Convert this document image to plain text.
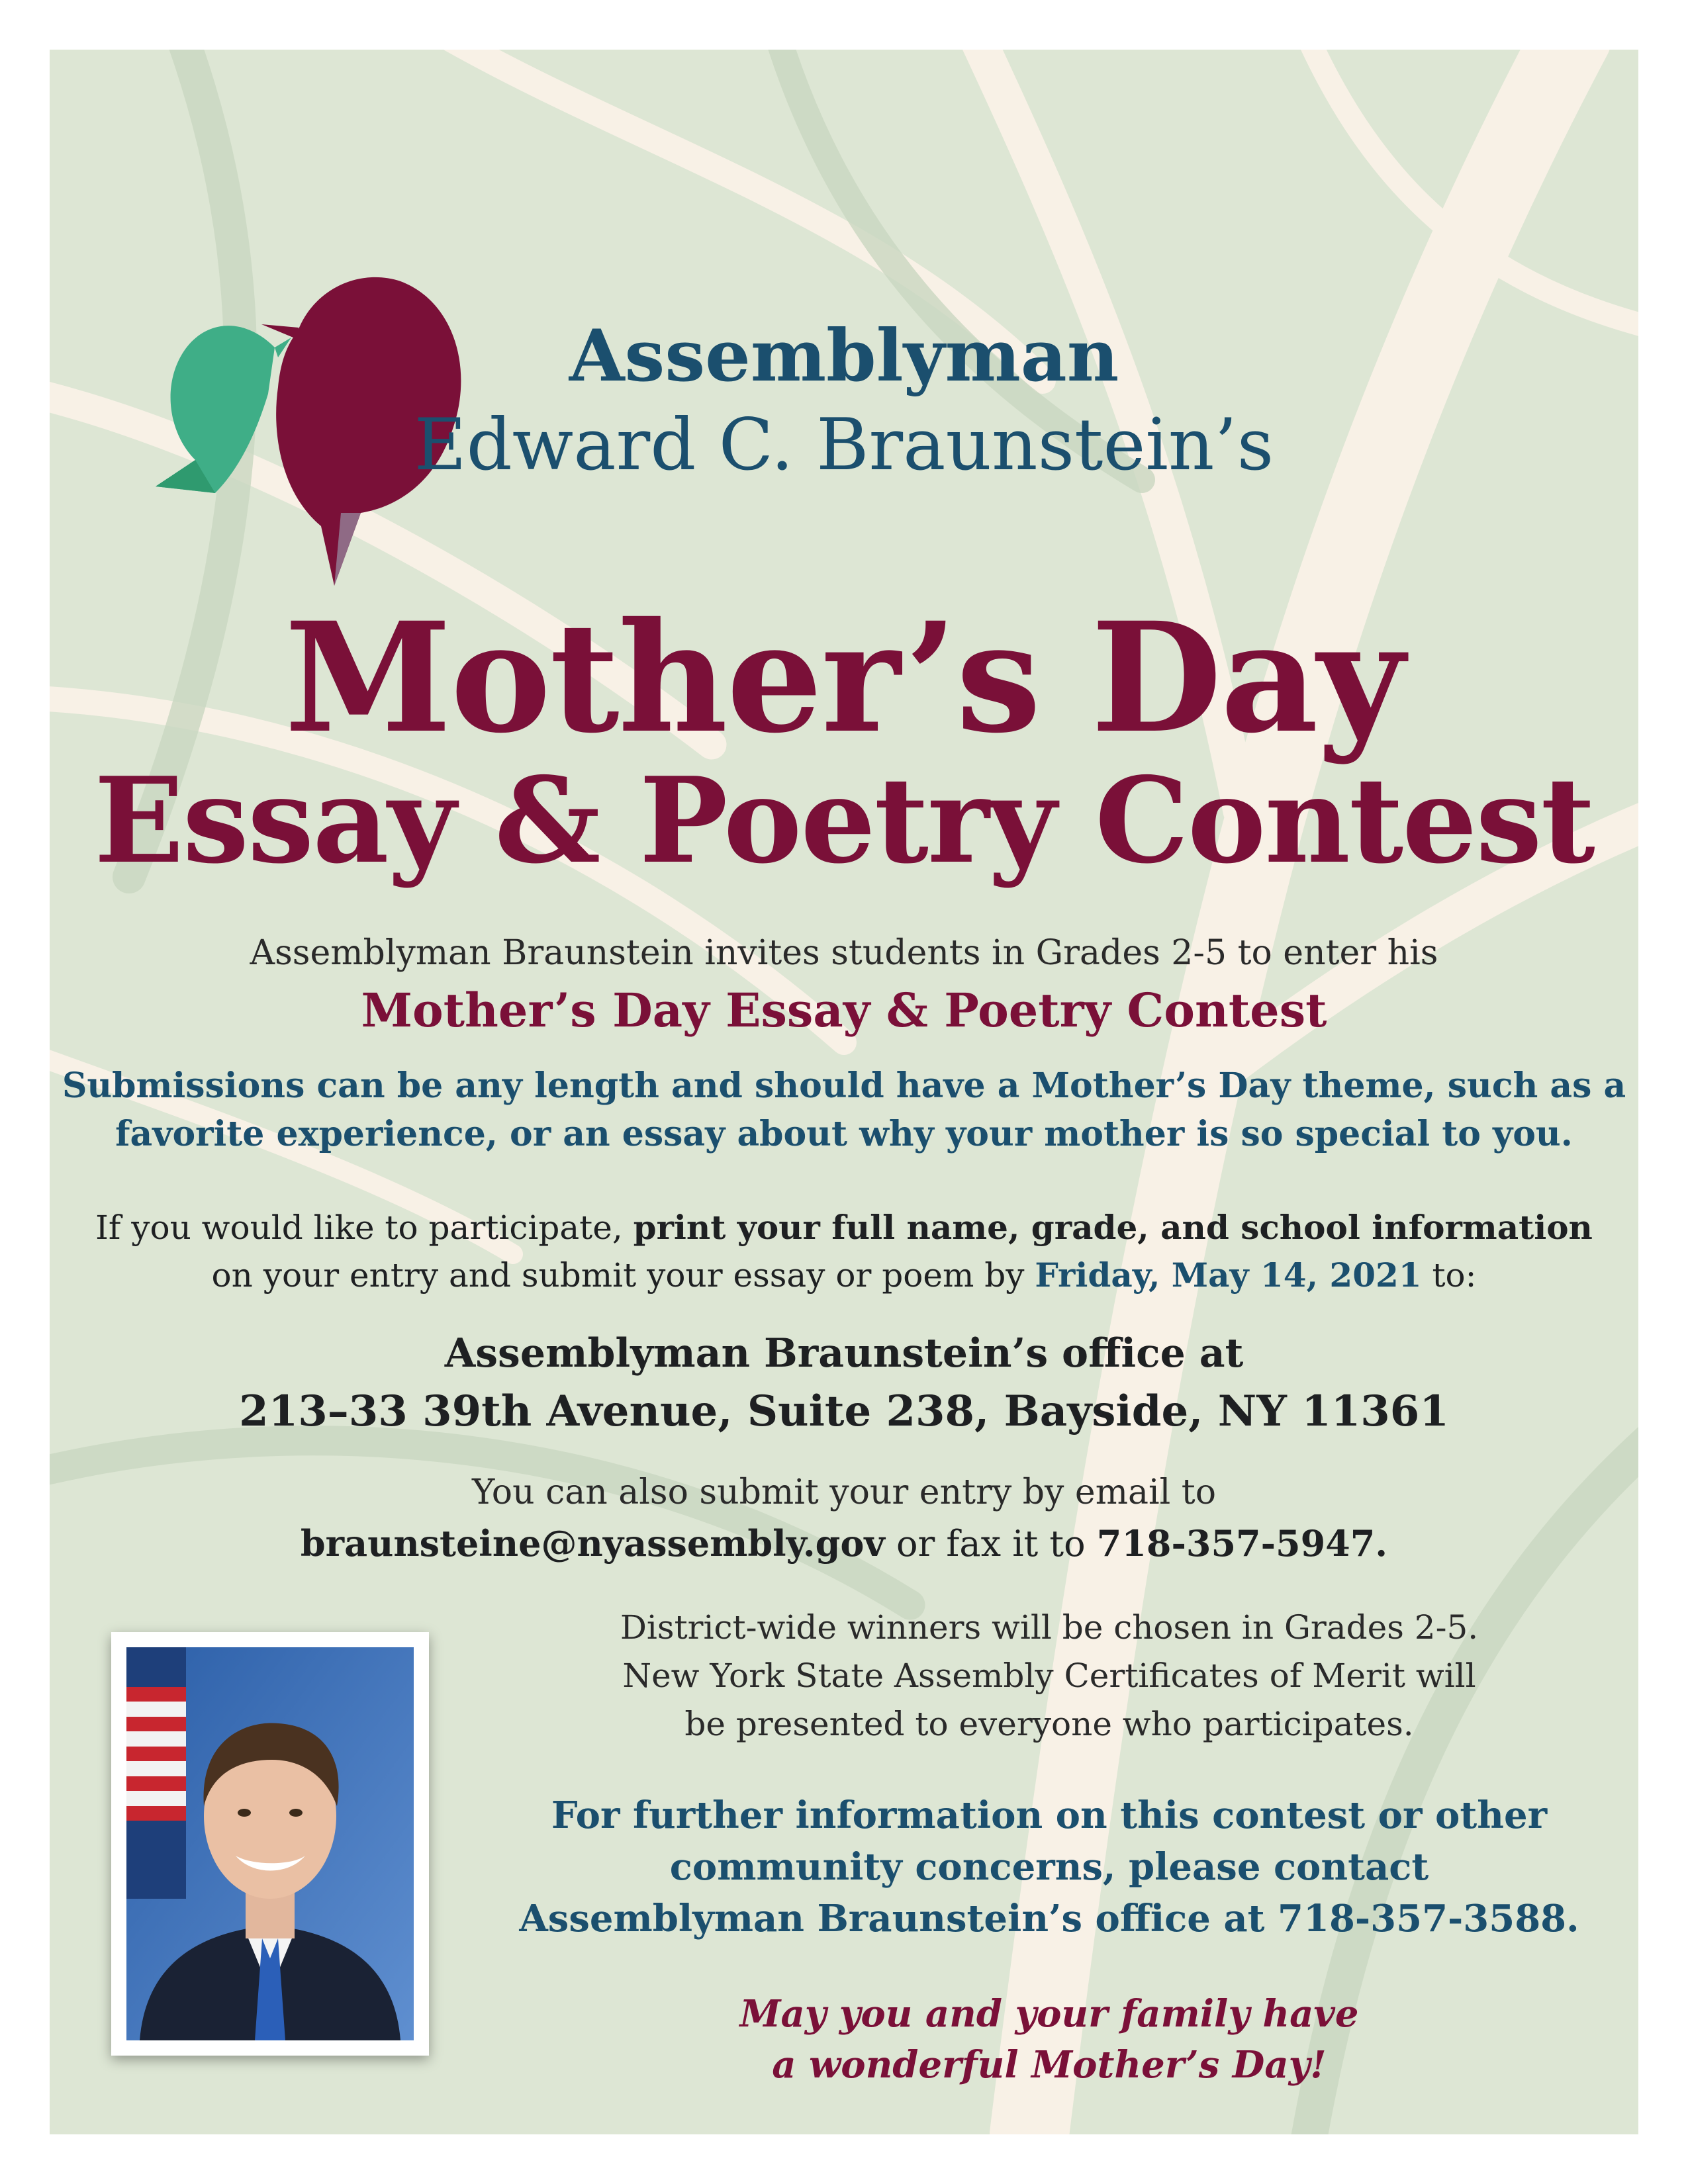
Assemblyman

Edward C. Braunstein’s

Mother’s Day

Essay & Poetry Contest

Assemblyman Braunstein invites students in Grades 2-5 to enter his

Mother’s Day Essay & Poetry Contest

Submissions can be any length and should have a Mother’s Day theme, such as a

favorite experience, or an essay about why your mother is so special to you.

If you would like to participate, print your full name, grade, and school information

on your entry and submit your essay or poem by Friday, May 14, 2021 to:

Assemblyman Braunstein’s office at

213–33 39th Avenue, Suite 238, Bayside, NY 11361

You can also submit your entry by email to

braunsteine@nyassembly.gov or fax it to 718-357-5947.

District-wide winners will be chosen in Grades 2-5.

New York State Assembly Certificates of Merit will

be presented to everyone who participates.

For further information on this contest or other

community concerns, please contact

Assemblyman Braunstein’s office at 718-357-3588.

May you and your family have

a wonderful Mother’s Day!
